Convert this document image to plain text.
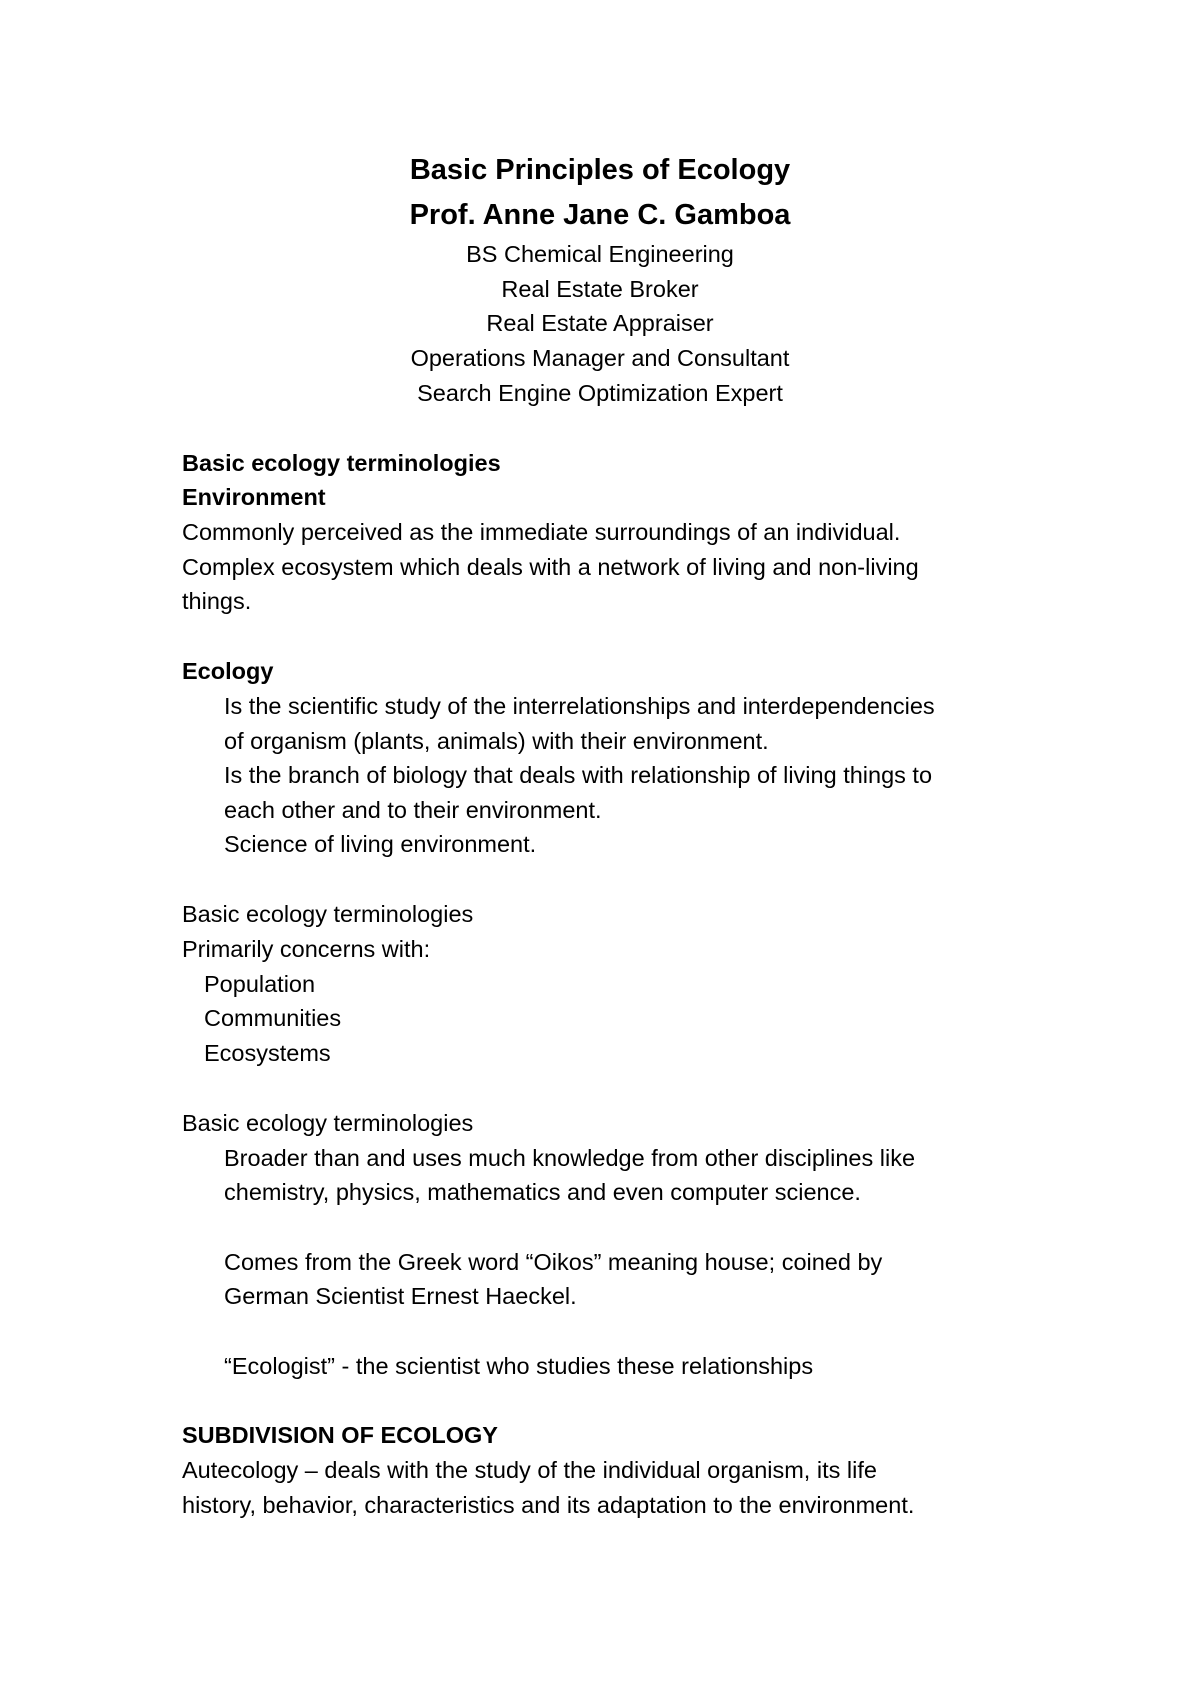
Basic Principles of Ecology
Prof. Anne Jane C. Gamboa
BS Chemical Engineering
Real Estate Broker
Real Estate Appraiser
Operations Manager and Consultant
Search Engine Optimization Expert
Basic ecology terminologies
Environment
Commonly perceived as the immediate surroundings of an individual.
Complex ecosystem which deals with a network of living and non-living
things.
Ecology
Is the scientific study of the interrelationships and interdependencies
of organism (plants, animals) with their environment.
Is the branch of biology that deals with relationship of living things to
each other and to their environment.
Science of living environment.
Basic ecology terminologies
Primarily concerns with:
Population
Communities
Ecosystems
Basic ecology terminologies
Broader than and uses much knowledge from other disciplines like
chemistry, physics, mathematics and even computer science.
Comes from the Greek word “Oikos” meaning house; coined by
German Scientist Ernest Haeckel.
“Ecologist” - the scientist who studies these relationships
SUBDIVISION OF ECOLOGY
Autecology – deals with the study of the individual organism, its life
history, behavior, characteristics and its adaptation to the environment.
